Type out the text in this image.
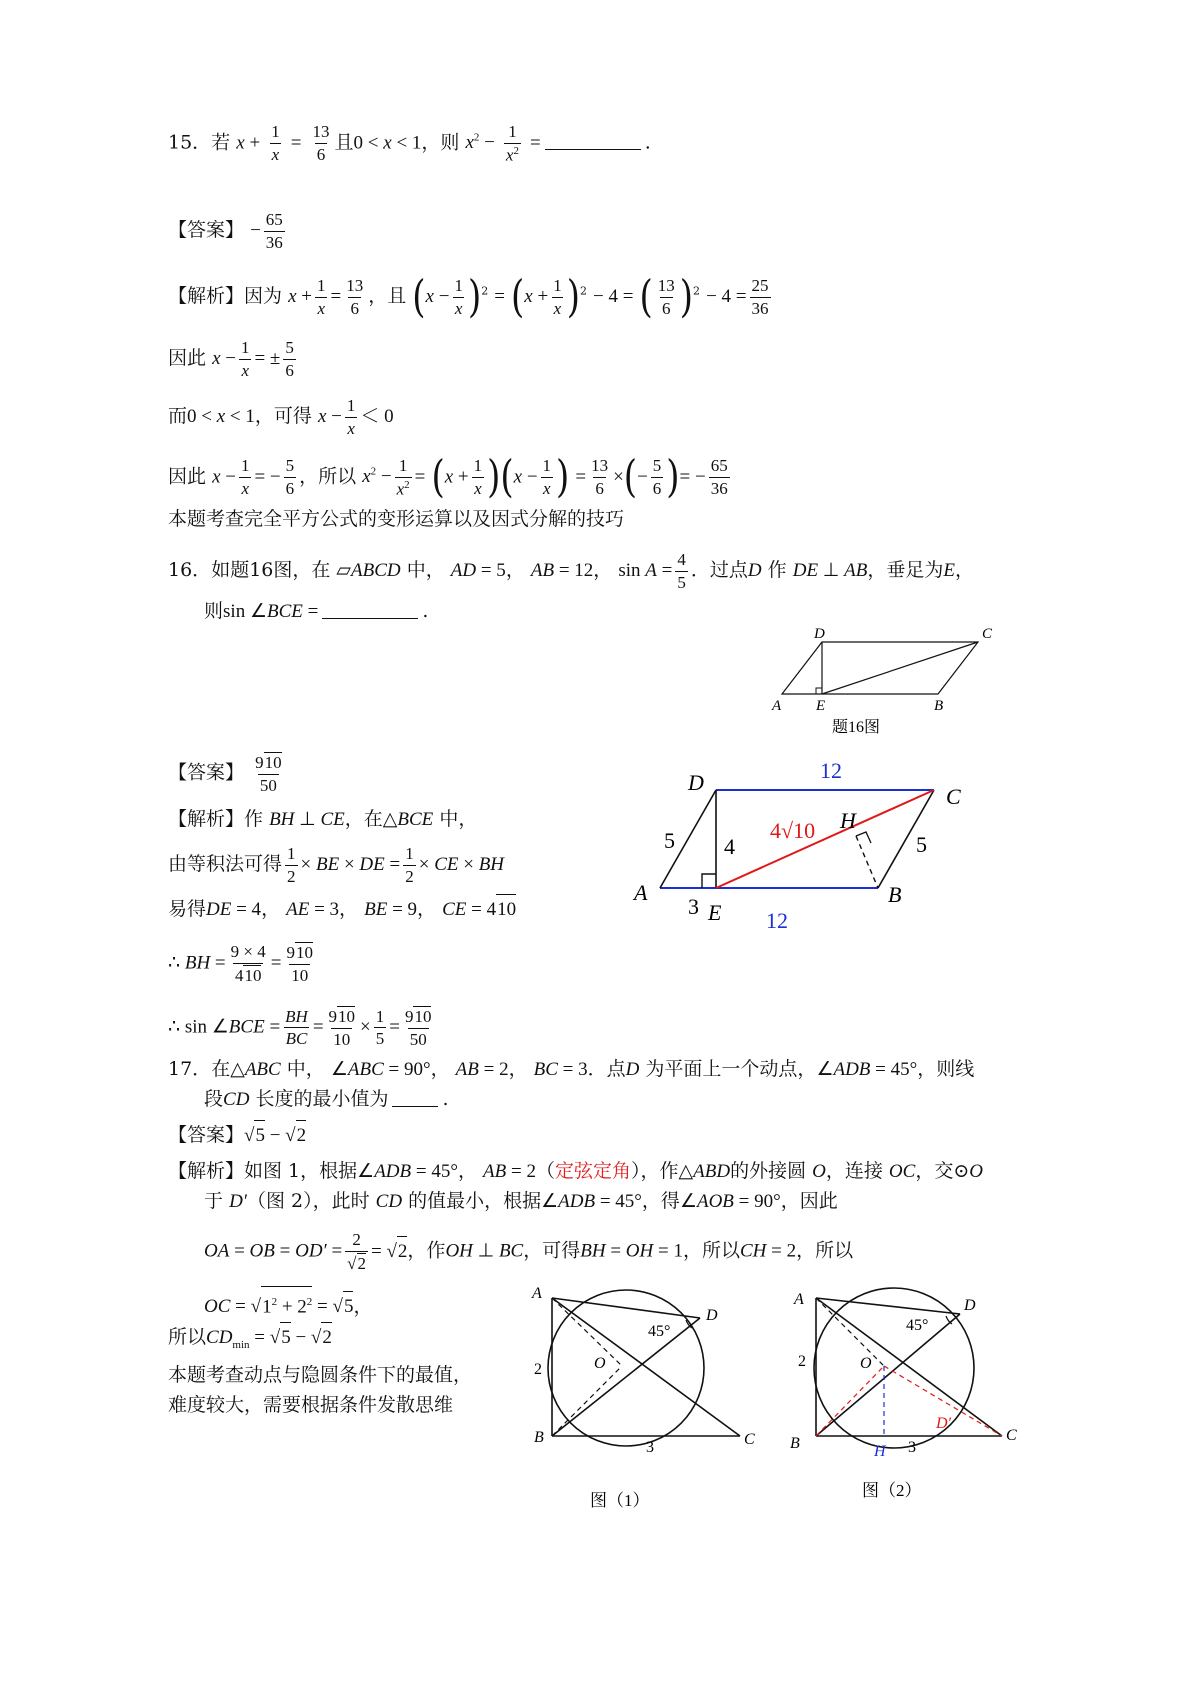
15．若 $x + \frac{1}{x} = \frac{13}{6}$ 且0 < x < 1，则 $x^2 - \frac{1}{x^2}$ =	.
【答案】 − $\frac{65}{36}$
【解析】因为 $x + \frac{1}{x} = \frac{13}{6}$ ，且 $(x - \frac{1}{x} )^2 = (x + \frac{1}{x} )^2 - 4$ = ( $\frac{13}{6} )^2 - 4 = \frac{25}{36}$
因此 $x - \frac{1}{x}$ = ± $\frac{5}{6}$
而0 < x < 1，可得 $x - \frac{1}{x} < 0$
因此 $x - \frac{1}{x}$ = − $\frac{5}{6}$ ，所以 $x^2 - \frac{1}{x^2} = (x + \frac{1}{x} )(x - \frac{1}{x}$ ) = $\frac{13}{6}$ ×(− $\frac{5}{6}$ )= − $\frac{65}{36}$
本题考查完全平方公式的变形运算以及因式分解的技巧
16．如题16图，在 ▱ABCD 中， AD = 5， AB = 12， $\sin A = \frac{4}{5}$ ．过点D 作 DE ⊥ AB，垂足为E，
则sin ∠BCE =	.
A E	B
D	C
题16图
【答案】 $\frac{910}{50}$
【解析】作 BH ⊥ CE，在△BCE 中，
由等积法可得 $\frac{1}{2}$ × BE × DE = $\frac{1}{2}$ × CE × BH
易得DE = 4， AE = 3， BE = 9， CE = 410
∴ BH = $\frac{9 \times 4}{410} = \frac{910}{10}$
∴ sin ∠BCE = $\frac{BH}{BC} = \frac{910}{10} \times \frac{1}{5} = \frac{910}{50}$
12
12
4√10
5 4	5
3
A	B
C
D
E
H
17．在△ABC 中， ∠ABC = 90°， AB = 2， BC = 3．点D 为平面上一个动点，∠ADB = 45°，则线
段CD 长度的最小值为	.
【答案】√5 − √2
【解析】如图 1，根据∠ADB = 45°， AB = 2（定弦定角），作△ABD的外接圆 O，连接 OC，交⊙O
于 D′（图 2），此时 CD 的值最小，根据∠ADB = 45°，得∠AOB = 90°，因此
OA = OB = $OD' = \frac{2}{√2} = √2$，作OH ⊥ BC，可得BH = OH = 1，所以CH = 2，所以
OC = $√1^2 + 2^2 = √5$，
所以$CD_{min} = √5 - √2$
本题考查动点与隐圆条件下的最值，
难度较大，需要根据条件发散思维
A
B	C
D
O
2
3
45°
图（1）
A
B	C
D
O
H
D′
2
3
45°
图（2）
